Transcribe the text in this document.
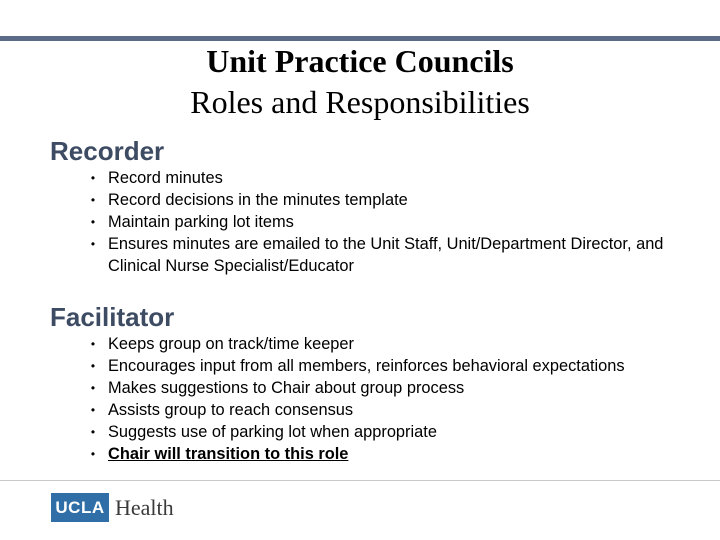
Unit Practice Councils
Roles and Responsibilities
Recorder
• Record minutes
• Record decisions in the minutes template
• Maintain parking lot items
• Ensures minutes are emailed to the Unit Staff, Unit/Department Director, and Clinical Nurse Specialist/Educator
Facilitator
• Keeps group on track/time keeper
• Encourages input from all members, reinforces behavioral expectations
• Makes suggestions to Chair about group process
• Assists group to reach consensus
• Suggests use of parking lot when appropriate
• Chair will transition to this role
UCLA Health
